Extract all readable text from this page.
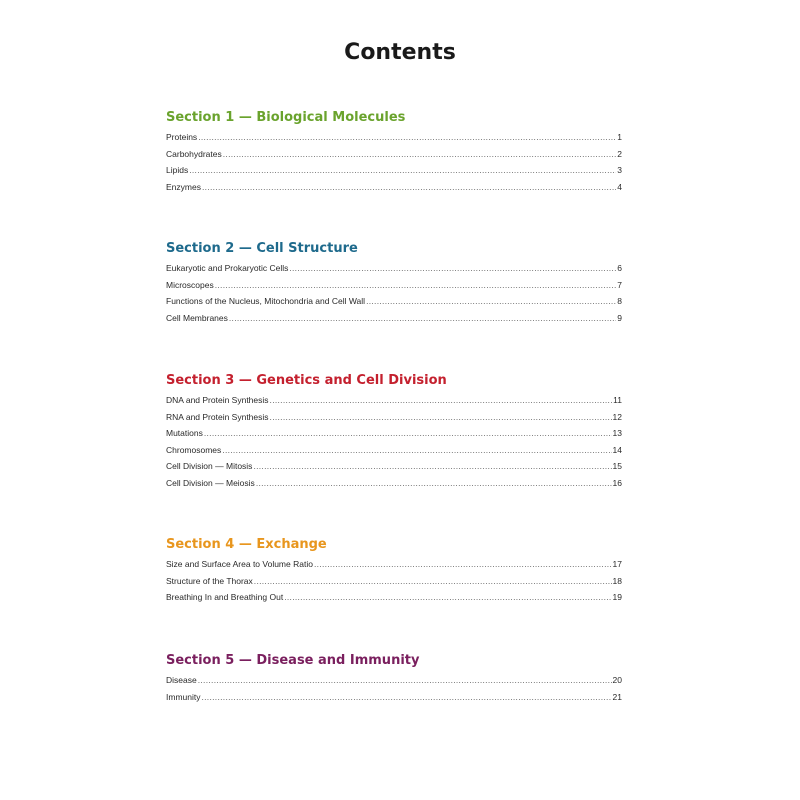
Contents
Section 1 — Biological Molecules
Proteins .....	1
Carbohydrates .....	2
Lipids .....	3
Enzymes .....	4
Section 2 — Cell Structure
Eukaryotic and Prokaryotic Cells .....	6
Microscopes .....	7
Functions of the Nucleus, Mitochondria and Cell Wall .....	8
Cell Membranes .....	9
Section 3 — Genetics and Cell Division
DNA and Protein Synthesis .....	11
RNA and Protein Synthesis .....	12
Mutations .....	13
Chromosomes .....	14
Cell Division — Mitosis .....	15
Cell Division — Meiosis .....	16
Section 4 — Exchange
Size and Surface Area to Volume Ratio .....	17
Structure of the Thorax .....	18
Breathing In and Breathing Out .....	19
Section 5 — Disease and Immunity
Disease .....	20
Immunity .....	21
